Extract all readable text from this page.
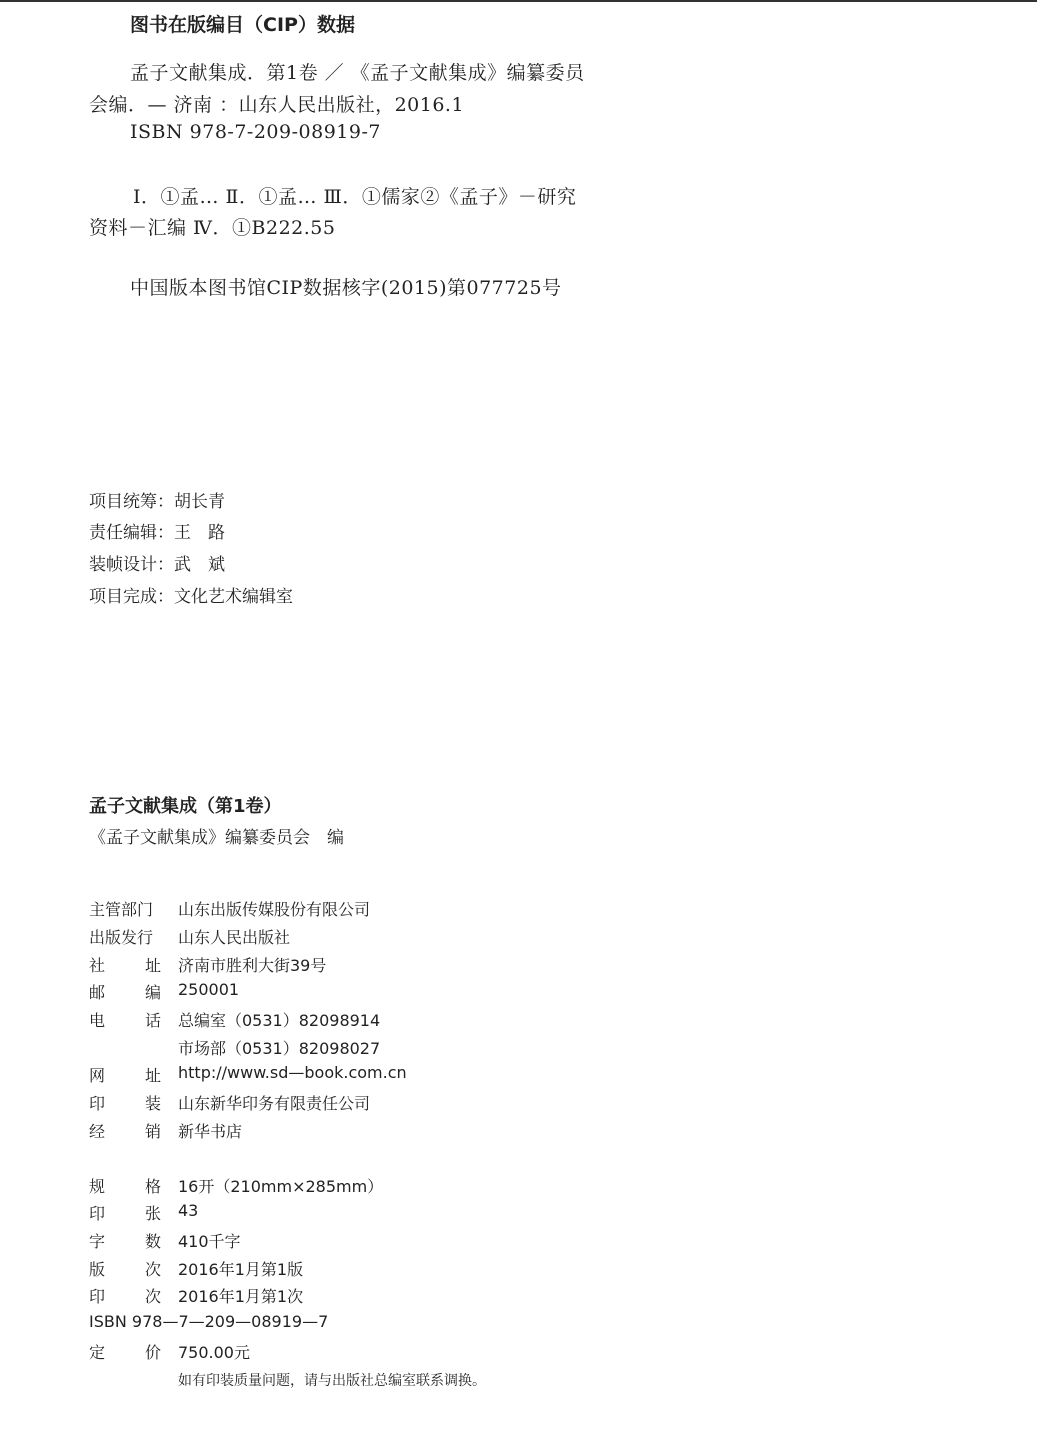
图书在版编目（CIP）数据
孟子文献集成．第1卷 ／ 《孟子文献集成》编纂委员
会编．— 济南 ：山东人民出版社，2016.1
ISBN 978-7-209-08919-7
Ⅰ．①孟… Ⅱ．①孟… Ⅲ．①儒家②《孟子》－研究
资料－汇编 Ⅳ．①B222.55
中国版本图书馆CIP数据核字(2015)第077725号
项目统筹：胡长青
责任编辑：王　路
装帧设计：武　斌
项目完成：文化艺术编辑室
孟子文献集成（第1卷）
《孟子文献集成》编纂委员会　编
主管部门 山东出版传媒股份有限公司
出版发行 山东人民出版社
社 址 济南市胜利大街39号
邮 编 250001
电 话 总编室（0531）82098914
市场部（0531）82098027
网 址 http://www.sd—book.com.cn
印 装 山东新华印务有限责任公司
经 销 新华书店
规 格 16开（210mm×285mm）
印 张 43
字 数 410千字
版 次 2016年1月第1版
印 次 2016年1月第1次
ISBN 978—7—209—08919—7
定 价 750.00元
如有印装质量问题，请与出版社总编室联系调换。
